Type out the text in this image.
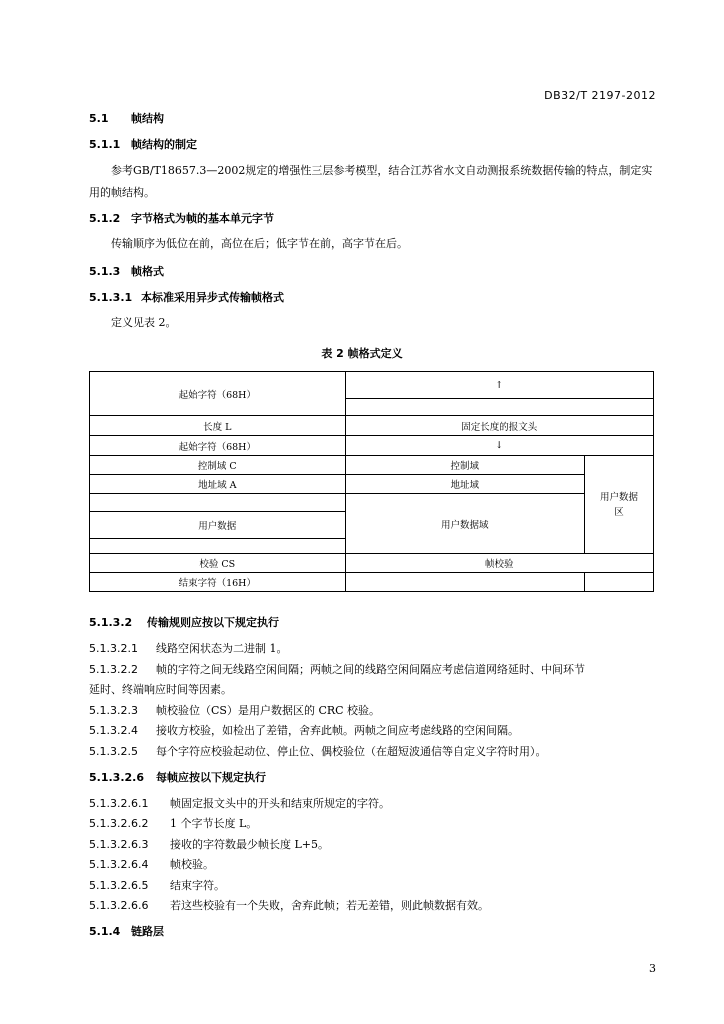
DB32/T 2197-2012
5.1 帧结构
5.1.1 帧结构的制定
参考GB/T18657.3—2002规定的增强性三层参考模型，结合江苏省水文自动测报系统数据传输的特点，制定实用的帧结构。
5.1.2 字节格式为帧的基本单元字节
传输顺序为低位在前，高位在后；低字节在前，高字节在后。
5.1.3 帧格式
5.1.3.1 本标准采用异步式传输帧格式
定义见表 2。
表 2 帧格式定义
起始字符（68H）	↑	

长度 L	固定长度的报文头	
起始字符（68H）	↓	
控制域 C	控制域	用户数据区

地址域 A	地址域	
	用户数据域	
用户数据		

校验 CS	帧校验	
结束字符（16H）		
5.1.3.2 传输规则应按以下规定执行
5.1.3.2.1 线路空闲状态为二进制 1。
5.1.3.2.2 帧的字符之间无线路空闲间隔；两帧之间的线路空闲间隔应考虑信道网络延时、中间环节
延时、终端响应时间等因素。
5.1.3.2.3 帧校验位（CS）是用户数据区的 CRC 校验。
5.1.3.2.4 接收方校验，如检出了差错，舍弃此帧。两帧之间应考虑线路的空闲间隔。
5.1.3.2.5 每个字符应校验起动位、停止位、偶校验位（在超短波通信等自定义字符时用）。
5.1.3.2.6 每帧应按以下规定执行
5.1.3.2.6.1 帧固定报文头中的开头和结束所规定的字符。
5.1.3.2.6.2 1 个字节长度 L。
5.1.3.2.6.3 接收的字符数最少帧长度 L+5。
5.1.3.2.6.4 帧校验。
5.1.3.2.6.5 结束字符。
5.1.3.2.6.6 若这些校验有一个失败，舍弃此帧；若无差错，则此帧数据有效。
5.1.4 链路层
3
